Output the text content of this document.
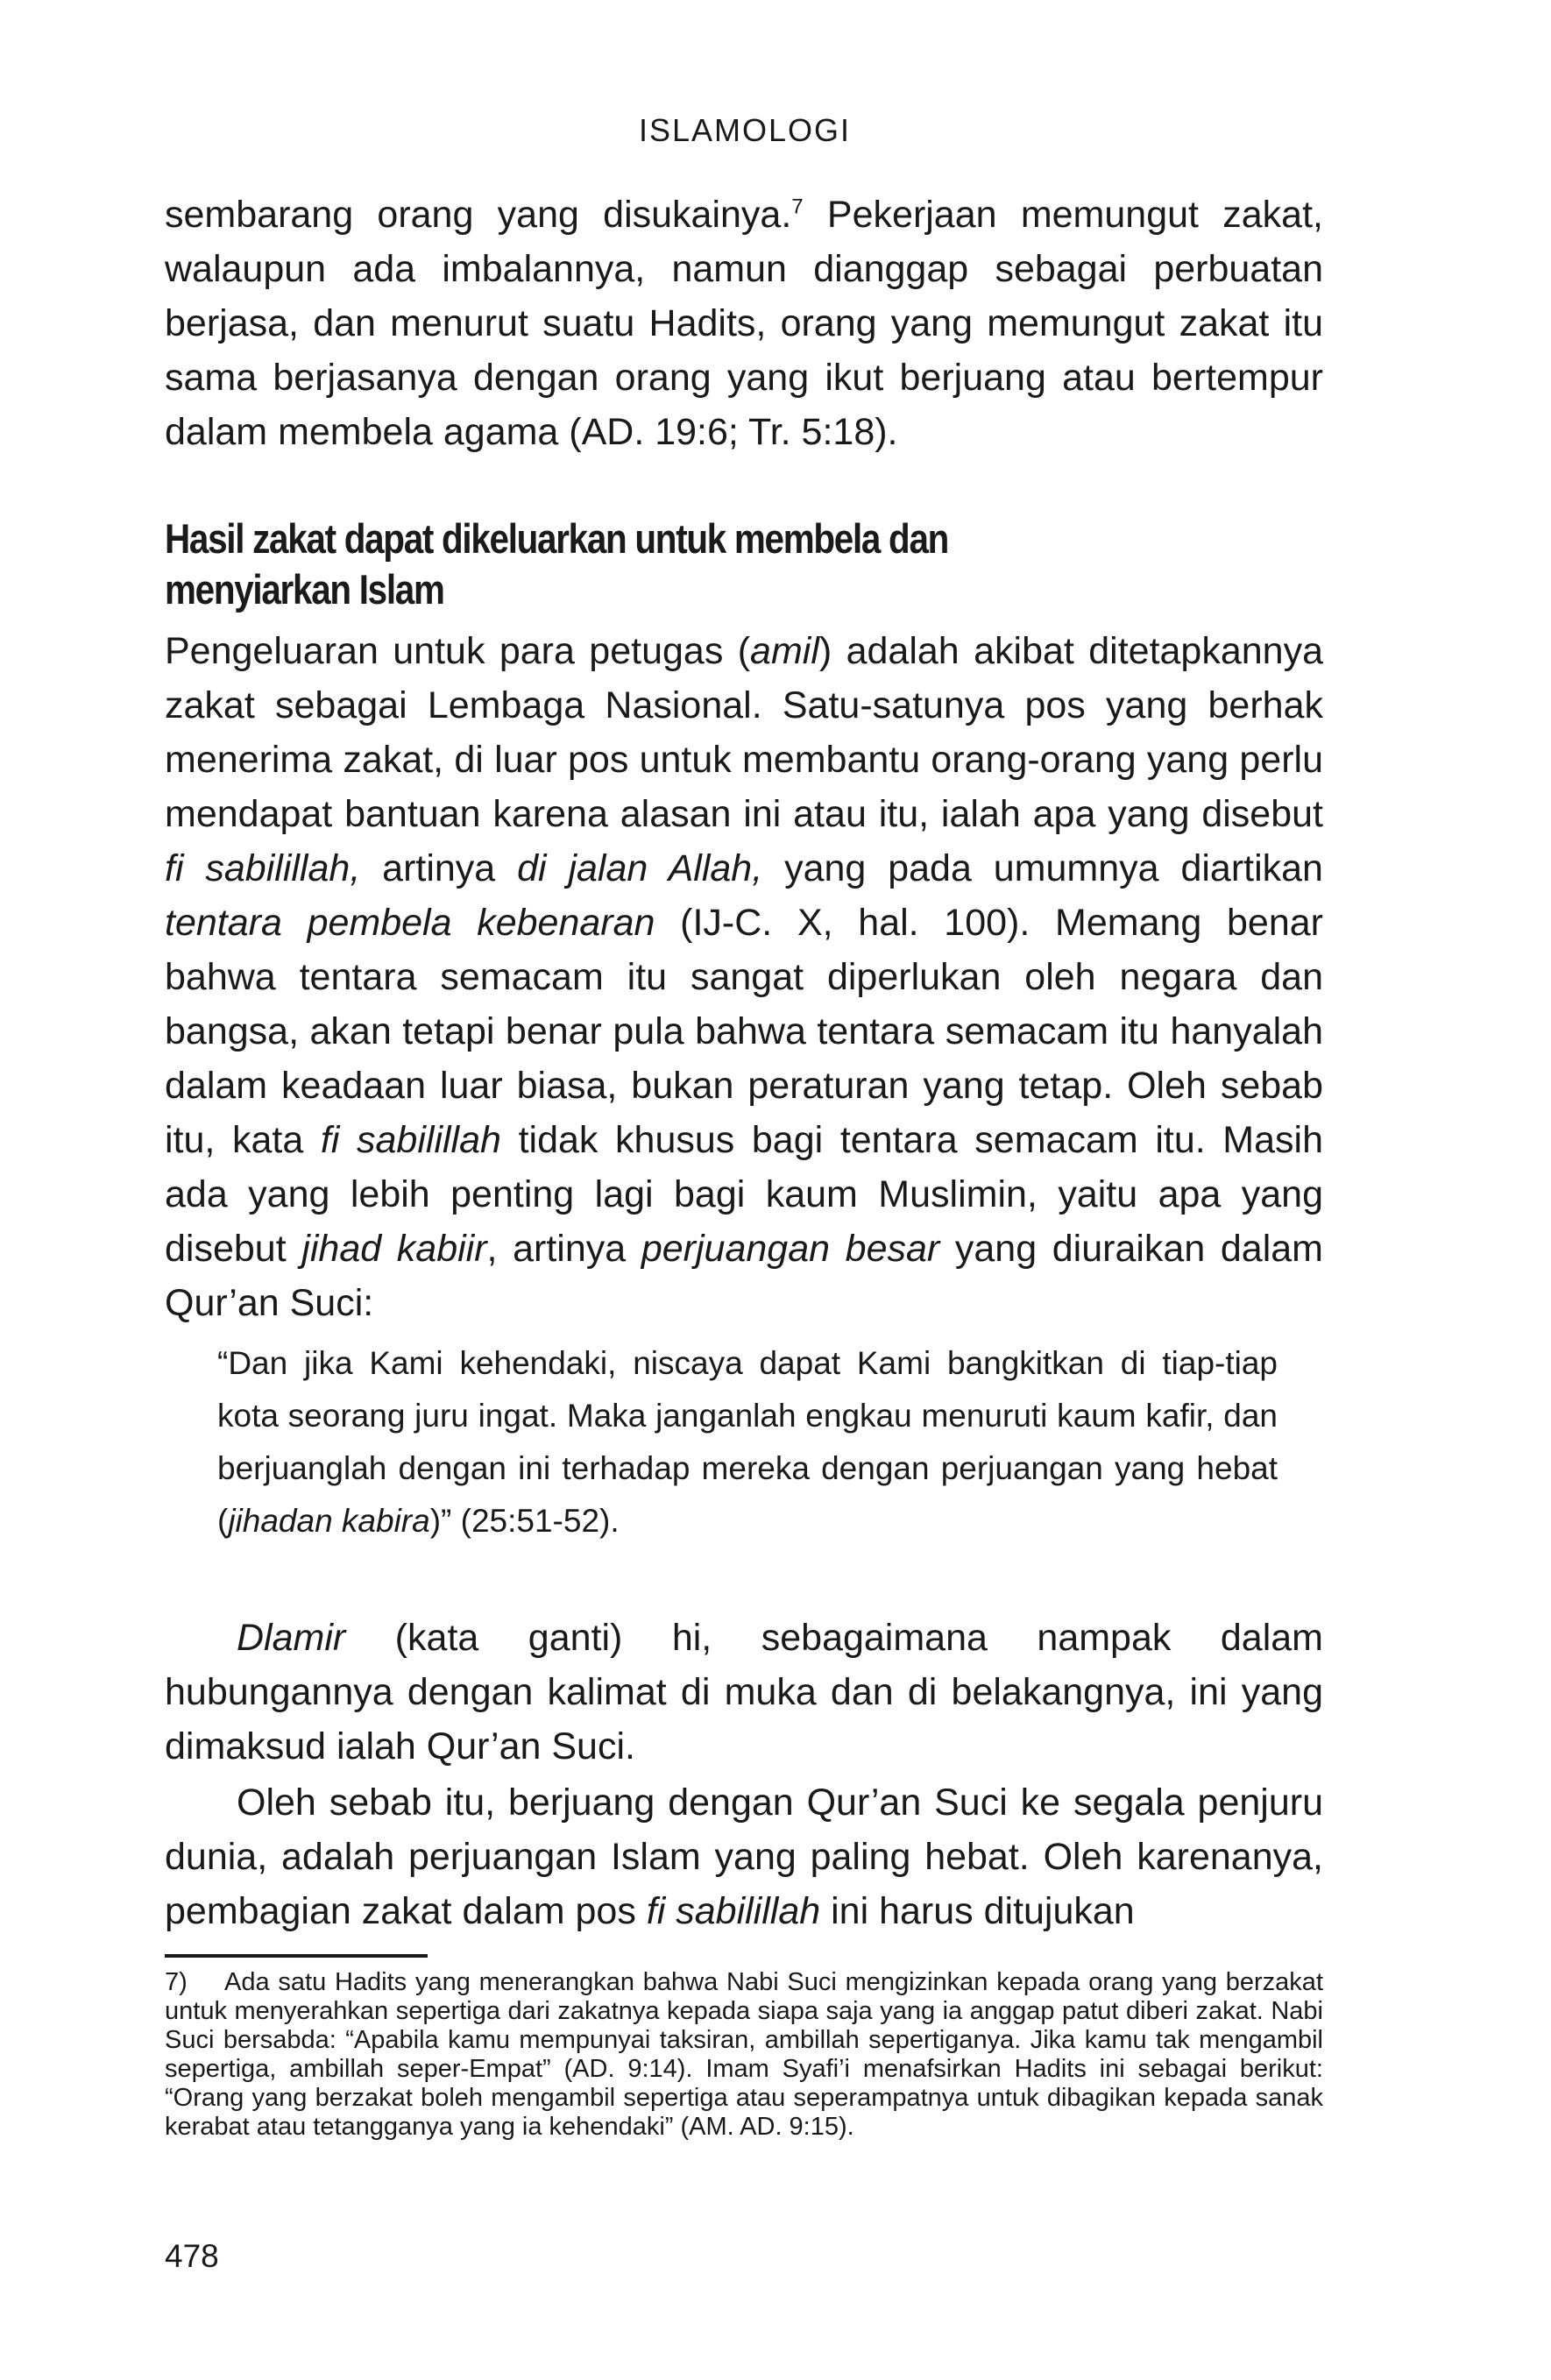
ISLAMOLOGI

sembarang orang yang disukainya.$^7$ Pekerjaan memungut zakat, walaupun ada imbalannya, namun dianggap sebagai perbuatan berjasa, dan menurut suatu Hadits, orang yang memungut zakat itu sama berjasanya dengan orang yang ikut berjuang atau bertempur dalam membela agama (AD. 19:6; Tr. 5:18).

Hasil zakat dapat dikeluarkan untuk membela dan
menyiarkan Islam

Pengeluaran untuk para petugas (amil) adalah akibat ditetapkannya zakat sebagai Lembaga Nasional. Satu-satunya pos yang berhak menerima zakat, di luar pos untuk membantu orang-orang yang perlu mendapat bantuan karena alasan ini atau itu, ialah apa yang disebut fi sabilillah, artinya di jalan Allah, yang pada umumnya diartikan tentara pembela kebenaran (IJ-C. X, hal. 100). Memang benar bahwa tentara semacam itu sangat diperlukan oleh negara dan bangsa, akan tetapi benar pula bahwa tentara semacam itu hanyalah dalam keadaan luar biasa, bukan peraturan yang tetap. Oleh sebab itu, kata fi sabilillah tidak khusus bagi tentara semacam itu. Masih ada yang lebih penting lagi bagi kaum Muslimin, yaitu apa yang disebut jihad kabiir, artinya perjuangan besar yang diuraikan dalam Qur’an Suci:

“Dan jika Kami kehendaki, niscaya dapat Kami bangkitkan di tiap-tiap kota seorang juru ingat. Maka janganlah engkau menuruti kaum kafir, dan berjuanglah dengan ini terhadap mereka dengan perjuangan yang hebat (jihadan kabira)” (25:51-52).

Dlamir (kata ganti) hi, sebagaimana nampak dalam hubungannya dengan kalimat di muka dan di belakangnya, ini yang dimaksud ialah Qur’an Suci.

Oleh sebab itu, berjuang dengan Qur’an Suci ke segala penjuru dunia, adalah perjuangan Islam yang paling hebat. Oleh karenanya, pembagian zakat dalam pos fi sabilillah ini harus ditujukan

7) Ada satu Hadits yang menerangkan bahwa Nabi Suci mengizinkan kepada orang yang berzakat untuk menyerahkan sepertiga dari zakatnya kepada siapa saja yang ia anggap patut diberi zakat. Nabi Suci bersabda: “Apabila kamu mempunyai taksiran, ambillah sepertiganya. Jika kamu tak mengambil sepertiga, ambillah seper-Empat” (AD. 9:14). Imam Syafi’i menafsirkan Hadits ini sebagai berikut: “Orang yang berzakat boleh mengambil sepertiga atau seperampatnya untuk dibagikan kepada sanak kerabat atau tetangganya yang ia kehendaki” (AM. AD. 9:15).

478
